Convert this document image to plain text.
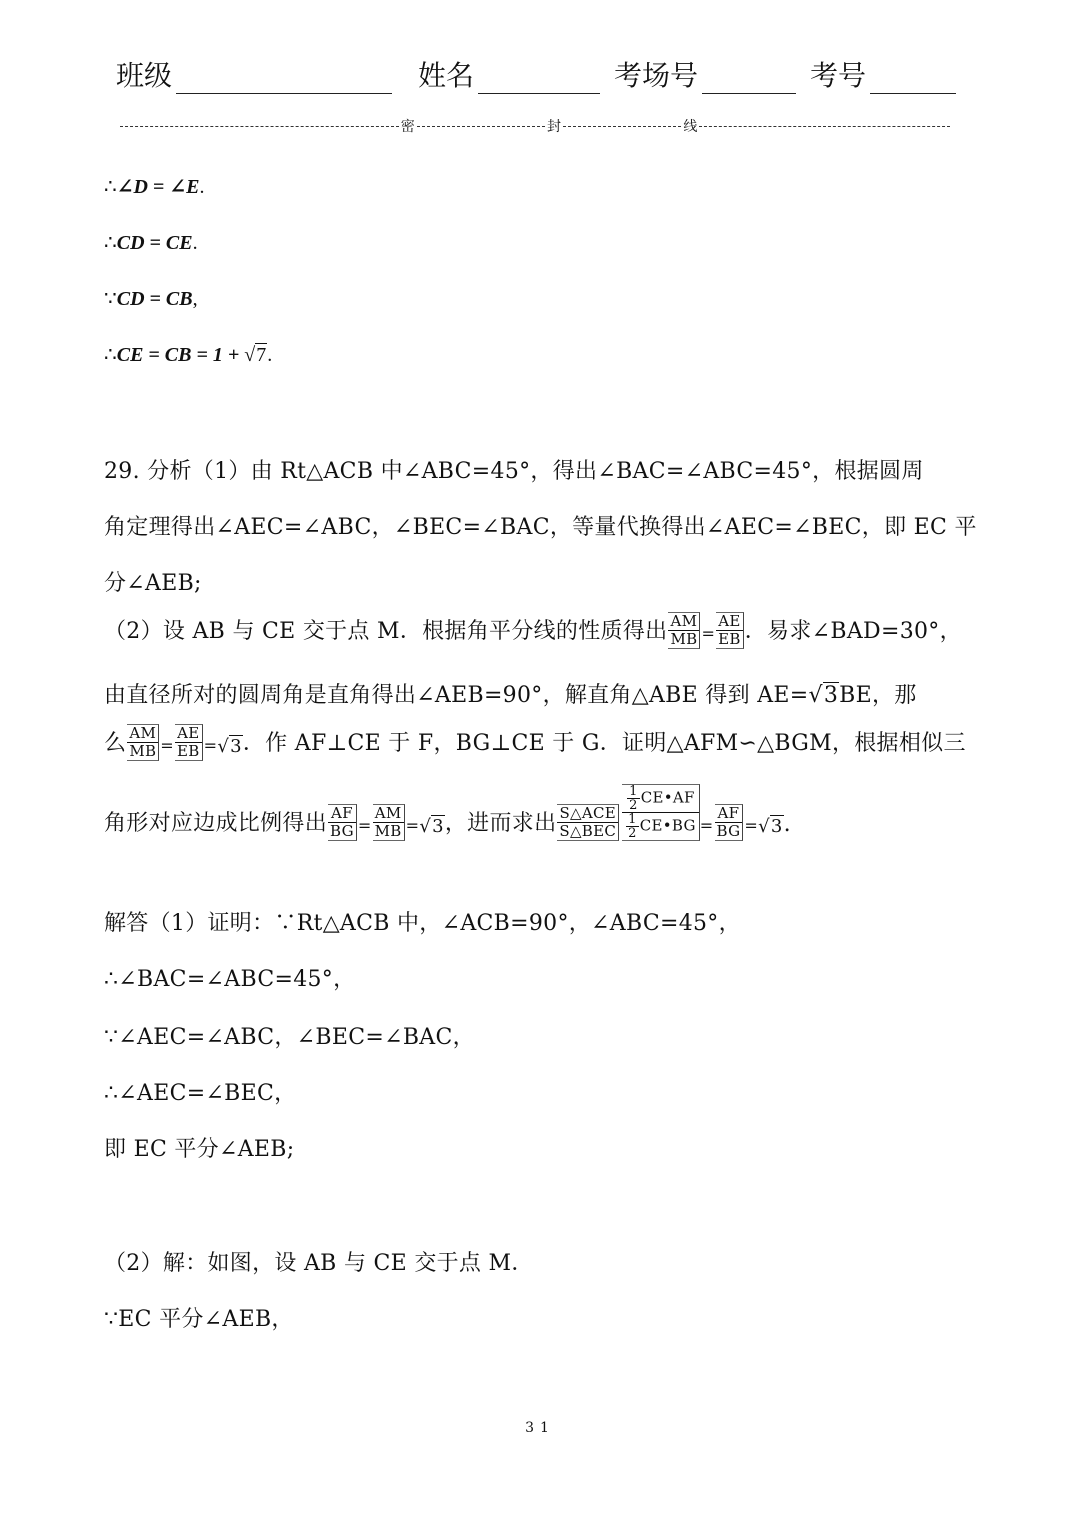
班级	姓名	考场号	考号
密	封	线
∴∠D = ∠E.
∴CD = CE.
∵CD = CB,
∴CE = CB = 1 + √7.
29. 分析（1）由 Rt△ACB 中∠ABC=45°，得出∠BAC=∠ABC=45°，根据圆周
角定理得出∠AEC=∠ABC，∠BEC=∠BAC，等量代换得出∠AEC=∠BEC，即 EC 平
分∠AEB;
（2）设 AB 与 CE 交于点 M．根据角平分线的性质得出 $\frac{AM}{MB} = \frac{AE}{EB}$ ．易求∠BAD=30°，
由直径所对的圆周角是直角得出∠AEB=90°，解直角△ABE 得到 AE=√3BE，那
么 $\frac{AM}{MB} = \frac{AE}{EB} = √3$ ．作 AF⊥CE 于 F，BG⊥CE 于 G．证明△AFM∽△BGM，根据相似三
角形对应边成比例得出 $\frac{AF}{BG} = \frac{AM}{MB} = √3$ ，进而求出 $\frac{\text{S△ACE}}{\text{S△BEC}} \frac{\frac{1}{2} CE•AF}{\frac{1}{2} CE•BG} = \frac{AF}{BG} = √3$ .
解答（1）证明：∵Rt△ACB 中，∠ACB=90°，∠ABC=45°，
∴∠BAC=∠ABC=45°，
∵∠AEC=∠ABC，∠BEC=∠BAC，
∴∠AEC=∠BEC，
即 EC 平分∠AEB;
（2）解：如图，设 AB 与 CE 交于点 M．
∵EC 平分∠AEB，
31
